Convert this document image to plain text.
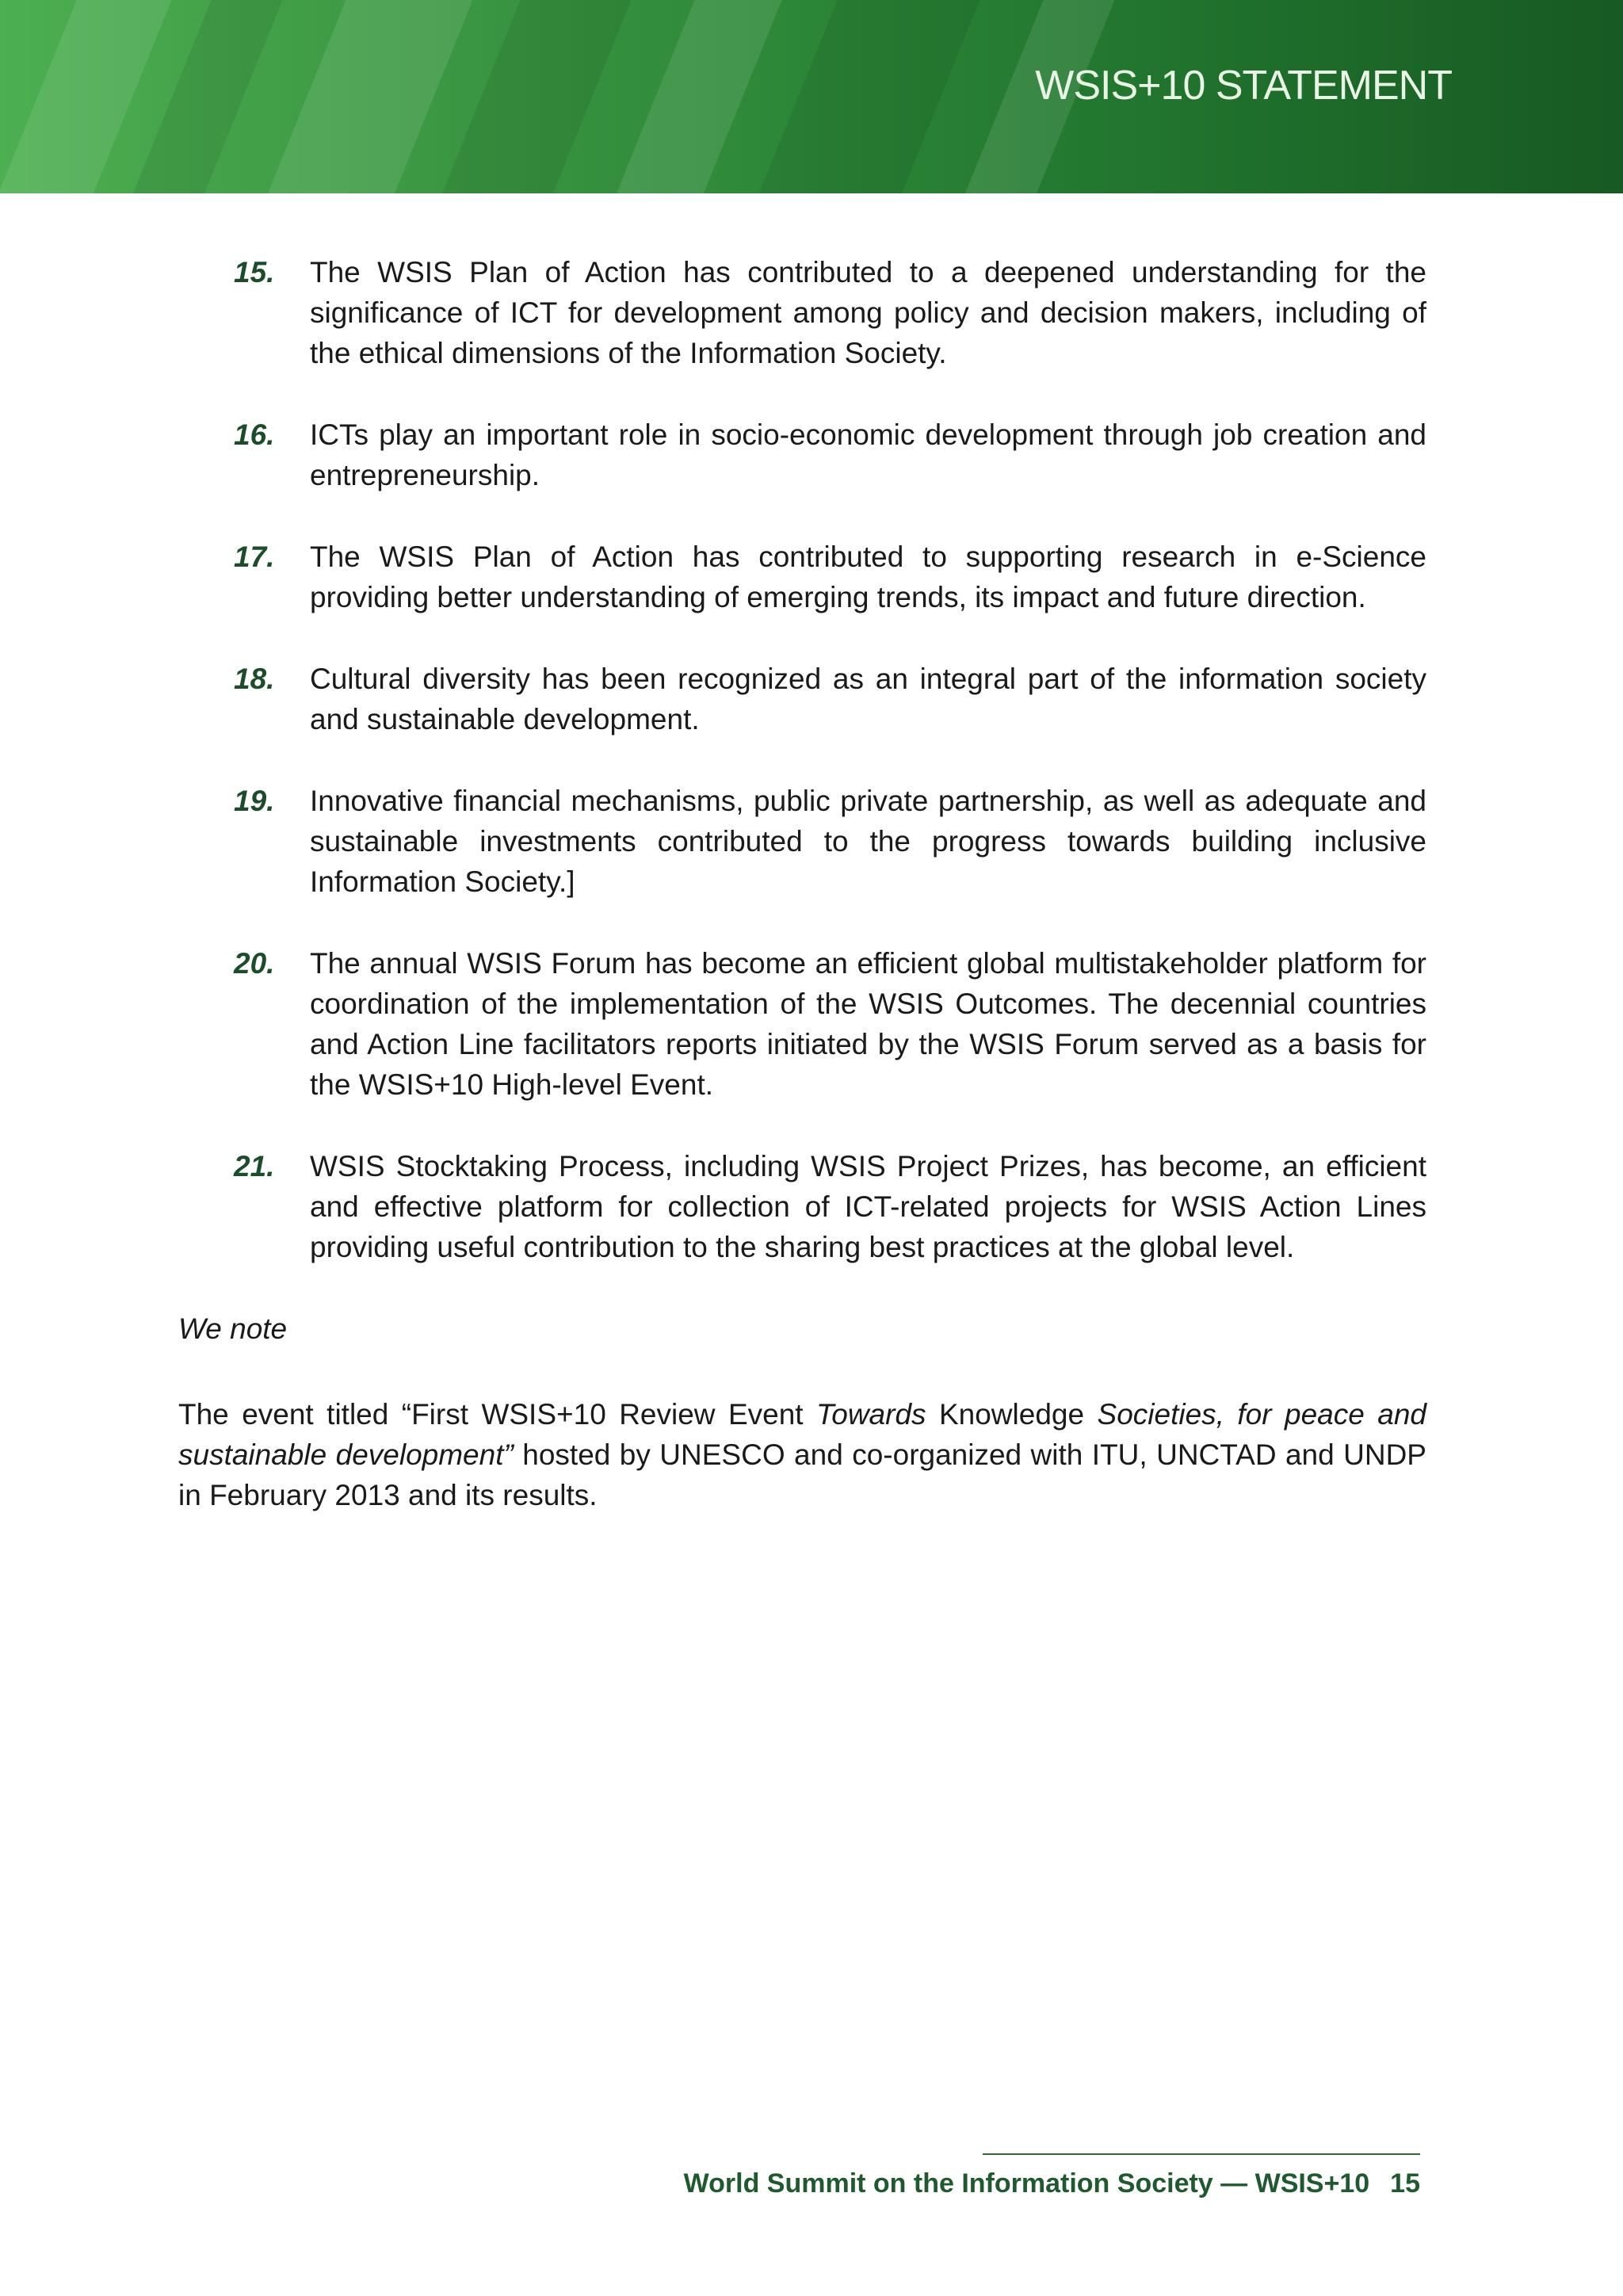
WSIS+10 STATEMENT
15. The WSIS Plan of Action has contributed to a deepened understanding for the significance of ICT for development among policy and decision makers, including of the ethical dimensions of the Information Society.
16. ICTs play an important role in socio-economic development through job creation and entrepreneurship.
17. The WSIS Plan of Action has contributed to supporting research in e-Science providing better understanding of emerging trends, its impact and future direction.
18. Cultural diversity has been recognized as an integral part of the information society and sustainable development.
19. Innovative financial mechanisms, public private partnership, as well as adequate and sustainable investments contributed to the progress towards building inclusive Information Society.]
20. The annual WSIS Forum has become an efficient global multistakeholder platform for coordination of the implementation of the WSIS Outcomes. The decennial countries and Action Line facilitators reports initiated by the WSIS Forum served as a basis for the WSIS+10 High-level Event.
21. WSIS Stocktaking Process, including WSIS Project Prizes, has become, an efficient and effective platform for collection of ICT-related projects for WSIS Action Lines providing useful contribution to the sharing best practices at the global level.

We note

The event titled “First WSIS+10 Review Event Towards Knowledge Societies, for peace and sustainable development” hosted by UNESCO and co-organized with ITU, UNCTAD and UNDP in February 2013 and its results.

World Summit on the Information Society — WSIS+10 15
